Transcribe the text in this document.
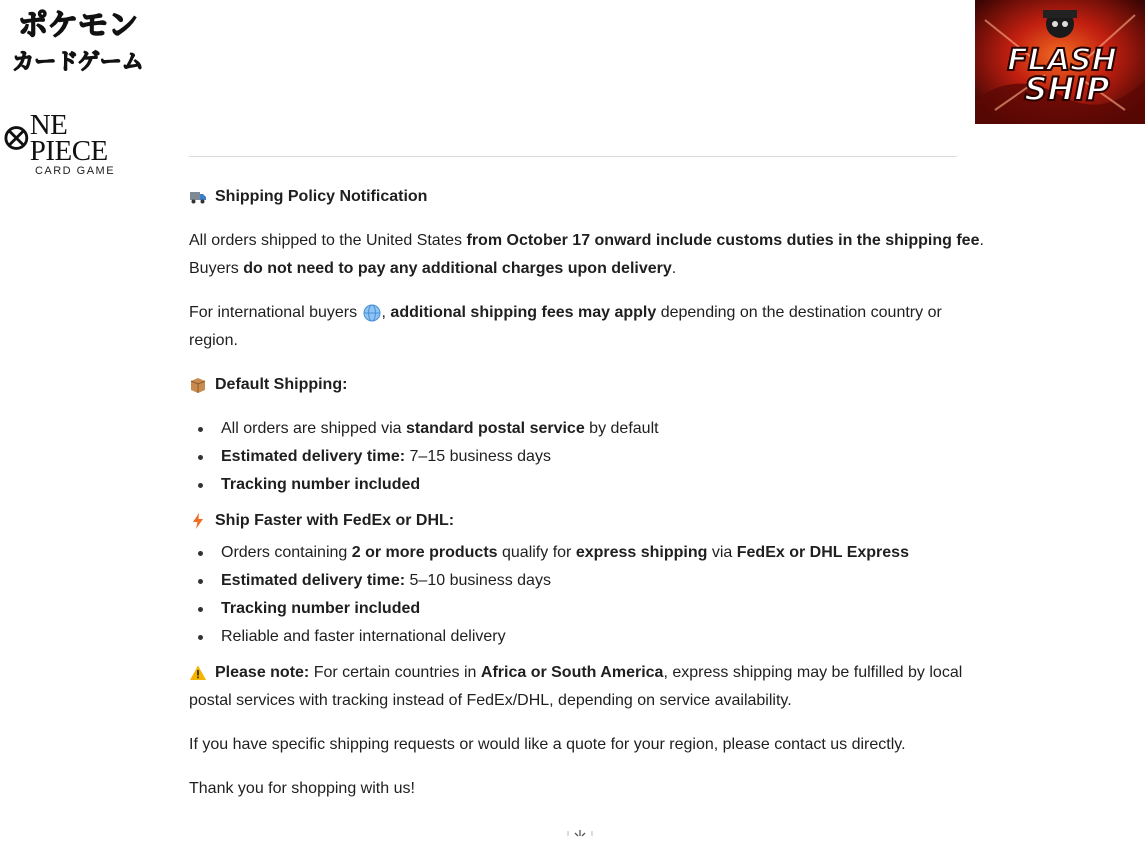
ポケモン
カードゲーム
NE PIECE
CARD GAME
FLASH
SHIP
Shipping Policy Notification
All orders shipped to the United States from October 17 onward include customs duties in the shipping fee.
Buyers do not need to pay any additional charges upon delivery.
For international buyers , additional shipping fees may apply depending on the destination country or
region.
Default Shipping:
All orders are shipped via standard postal service by default
Estimated delivery time: 7–15 business days
Tracking number included
Ship Faster with FedEx or DHL:
Orders containing 2 or more products qualify for express shipping via FedEx or DHL Express
Estimated delivery time: 5–10 business days
Tracking number included
Reliable and faster international delivery
Please note: For certain countries in Africa or South America , express shipping may be fulfilled by local
postal services with tracking instead of FedEx/DHL, depending on service availability.
If you have specific shipping requests or would like a quote for your region, please contact us directly.
Thank you for shopping with us!
